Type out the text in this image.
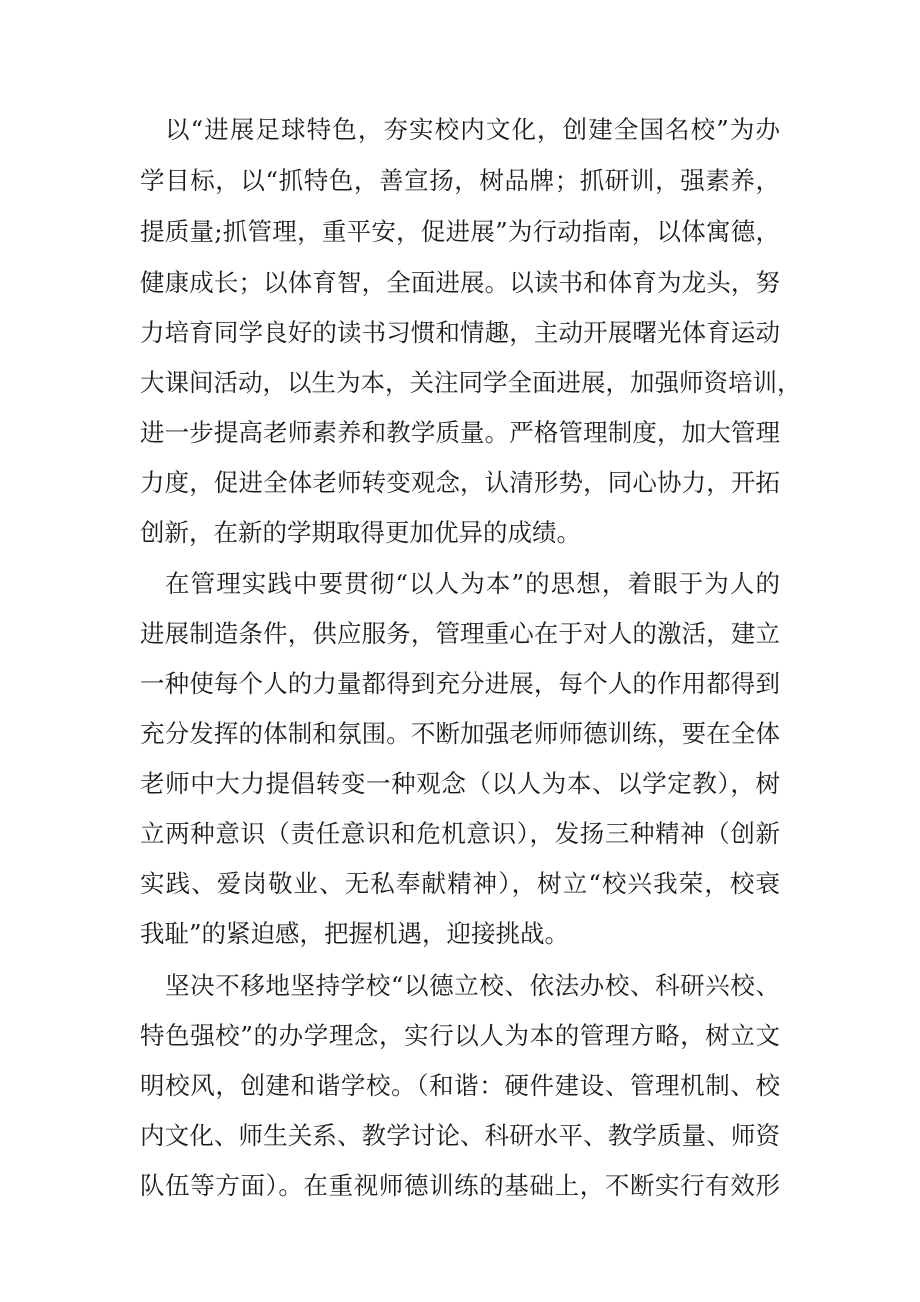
以“进展足球特色，夯实校内文化，创建全国名校”为办
学目标，以“抓特色，善宣扬，树品牌；抓研训，强素养，
提质量;抓管理，重平安，促进展”为行动指南，以体寓德，
健康成长；以体育智，全面进展。以读书和体育为龙头，努
力培育同学良好的读书习惯和情趣，主动开展曙光体育运动
大课间活动，以生为本，关注同学全面进展，加强师资培训，
进一步提高老师素养和教学质量。严格管理制度，加大管理
力度，促进全体老师转变观念，认清形势，同心协力，开拓
创新，在新的学期取得更加优异的成绩。
在管理实践中要贯彻“以人为本”的思想，着眼于为人的
进展制造条件，供应服务，管理重心在于对人的激活，建立
一种使每个人的力量都得到充分进展，每个人的作用都得到
充分发挥的体制和氛围。不断加强老师师德训练，要在全体
老师中大力提倡转变一种观念（以人为本、以学定教），树
立两种意识（责任意识和危机意识），发扬三种精神（创新
实践、爱岗敬业、无私奉献精神），树立“校兴我荣，校衰
我耻”的紧迫感，把握机遇，迎接挑战。
坚决不移地坚持学校“以德立校、依法办校、科研兴校、
特色强校”的办学理念，实行以人为本的管理方略，树立文
明校风，创建和谐学校。（和谐：硬件建设、管理机制、校
内文化、师生关系、教学讨论、科研水平、教学质量、师资
队伍等方面）。在重视师德训练的基础上，不断实行有效形
